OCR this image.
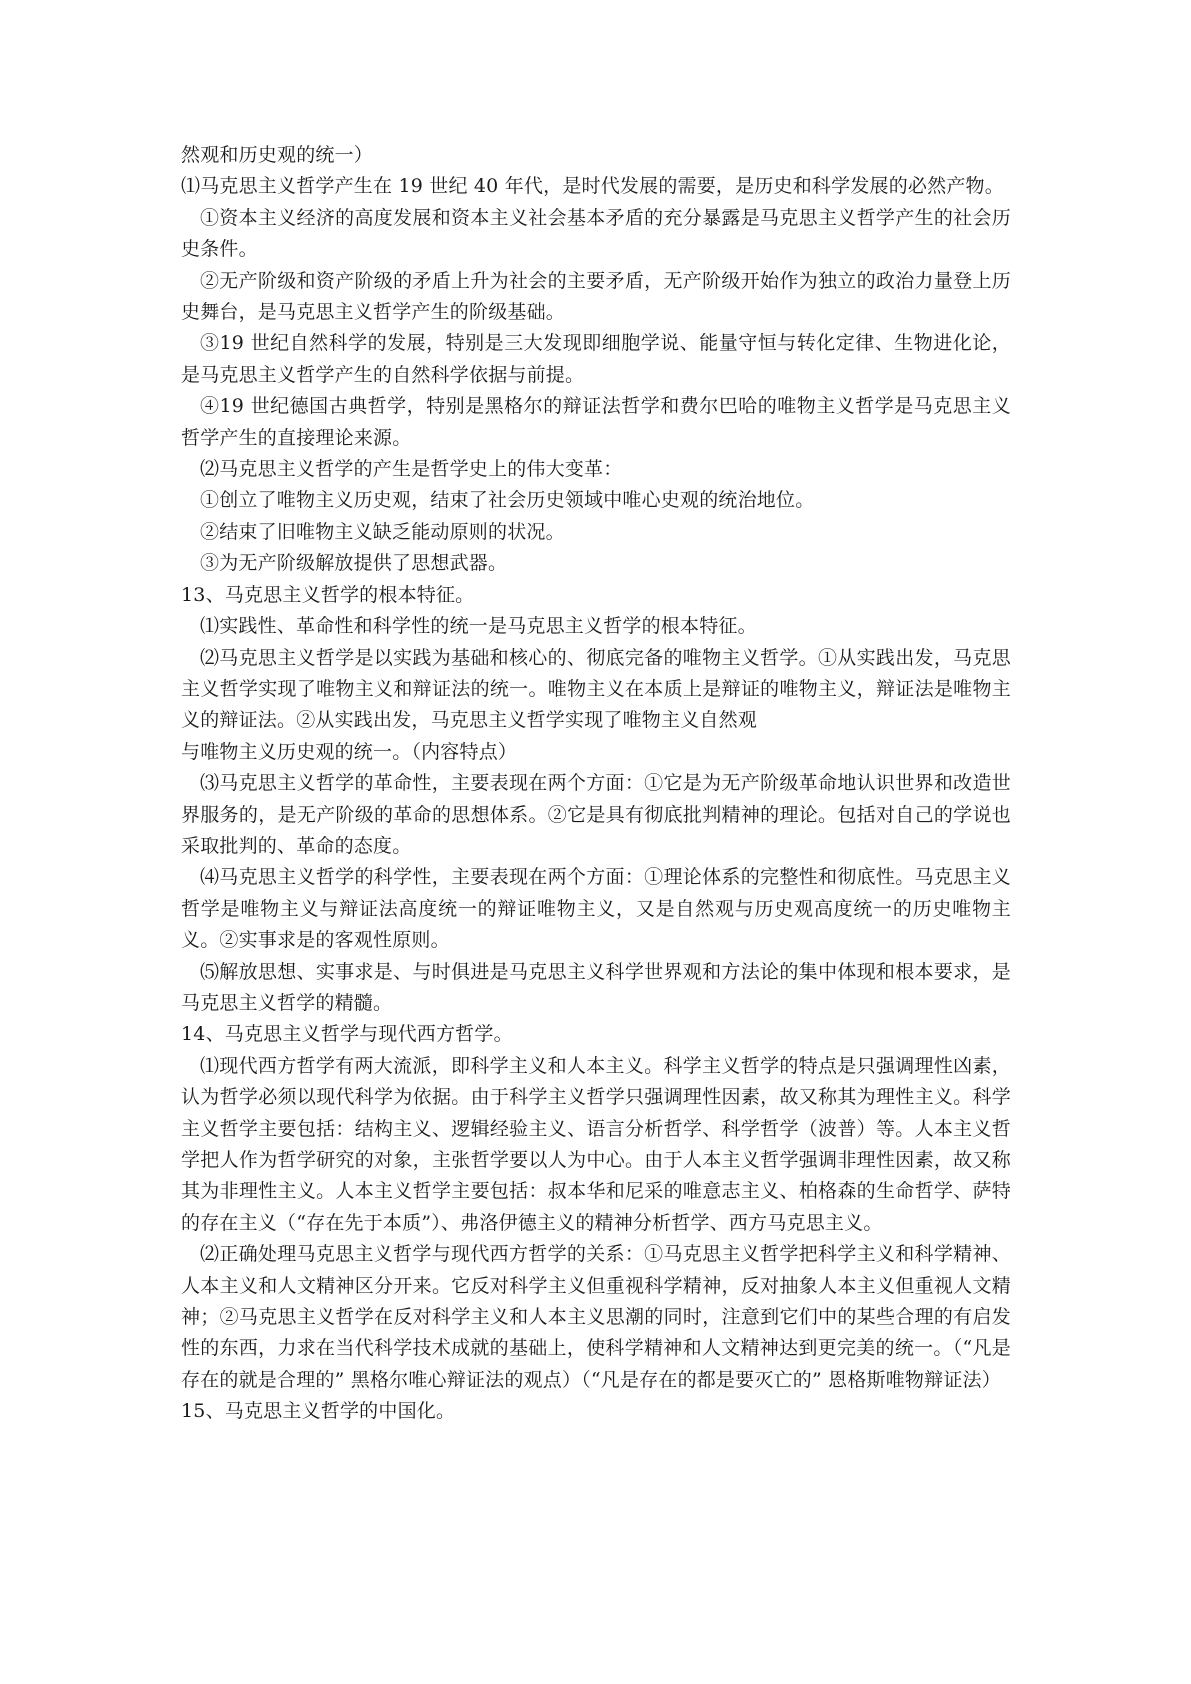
然观和历史观的统一）

⑴马克思主义哲学产生在 19 世纪 40 年代，是时代发展的需要，是历史和科学发展的必然产物。

①资本主义经济的高度发展和资本主义社会基本矛盾的充分暴露是马克思主义哲学产生的社会历史条件。

②无产阶级和资产阶级的矛盾上升为社会的主要矛盾，无产阶级开始作为独立的政治力量登上历史舞台，是马克思主义哲学产生的阶级基础。

③19 世纪自然科学的发展，特别是三大发现即细胞学说、能量守恒与转化定律、生物进化论，是马克思主义哲学产生的自然科学依据与前提。

④19 世纪德国古典哲学，特别是黑格尔的辩证法哲学和费尔巴哈的唯物主义哲学是马克思主义哲学产生的直接理论来源。

⑵马克思主义哲学的产生是哲学史上的伟大变革：

①创立了唯物主义历史观，结束了社会历史领域中唯心史观的统治地位。

②结束了旧唯物主义缺乏能动原则的状况。

③为无产阶级解放提供了思想武器。

13、马克思主义哲学的根本特征。

⑴实践性、革命性和科学性的统一是马克思主义哲学的根本特征。

⑵马克思主义哲学是以实践为基础和核心的、彻底完备的唯物主义哲学。①从实践出发，马克思主义哲学实现了唯物主义和辩证法的统一。唯物主义在本质上是辩证的唯物主义，辩证法是唯物主义的辩证法。②从实践出发，马克思主义哲学实现了唯物主义自然观

与唯物主义历史观的统一。（内容特点）

⑶马克思主义哲学的革命性，主要表现在两个方面：①它是为无产阶级革命地认识世界和改造世界服务的，是无产阶级的革命的思想体系。②它是具有彻底批判精神的理论。包括对自己的学说也采取批判的、革命的态度。

⑷马克思主义哲学的科学性，主要表现在两个方面：①理论体系的完整性和彻底性。马克思主义哲学是唯物主义与辩证法高度统一的辩证唯物主义，又是自然观与历史观高度统一的历史唯物主义。②实事求是的客观性原则。

⑸解放思想、实事求是、与时俱进是马克思主义科学世界观和方法论的集中体现和根本要求，是马克思主义哲学的精髓。

14、马克思主义哲学与现代西方哲学。

⑴现代西方哲学有两大流派，即科学主义和人本主义。科学主义哲学的特点是只强调理性凶素，认为哲学必须以现代科学为依据。由于科学主义哲学只强调理性因素，故又称其为理性主义。科学主义哲学主要包括：结构主义、逻辑经验主义、语言分析哲学、科学哲学（波普）等。人本主义哲学把人作为哲学研究的对象，主张哲学要以人为中心。由于人本主义哲学强调非理性因素，故又称其为非理性主义。人本主义哲学主要包括：叔本华和尼采的唯意志主义、柏格森的生命哲学、萨特的存在主义（“存在先于本质”）、弗洛伊德主义的精神分析哲学、西方马克思主义。

⑵正确处理马克思主义哲学与现代西方哲学的关系：①马克思主义哲学把科学主义和科学精神、人本主义和人文精神区分开来。它反对科学主义但重视科学精神，反对抽象人本主义但重视人文精神；②马克思主义哲学在反对科学主义和人本主义思潮的同时，注意到它们中的某些合理的有启发性的东西，力求在当代科学技术成就的基础上，使科学精神和人文精神达到更完美的统一。（“凡是存在的就是合理的” 黑格尔唯心辩证法的观点）（“凡是存在的都是要灭亡的” 恩格斯唯物辩证法）

15、马克思主义哲学的中国化。
